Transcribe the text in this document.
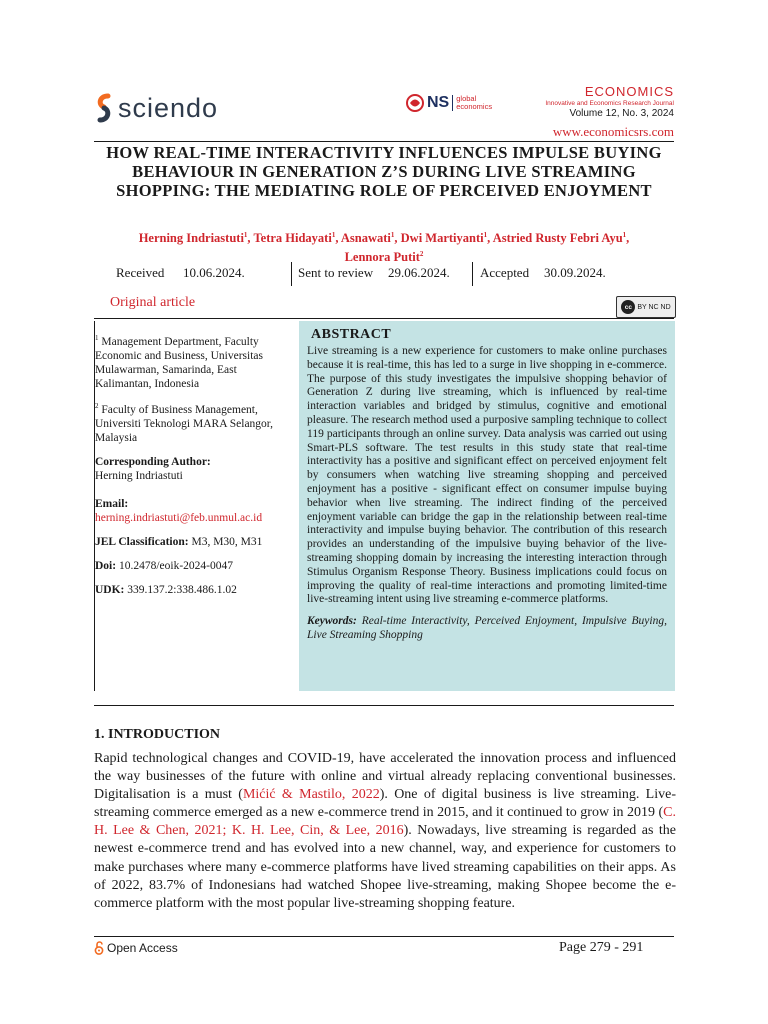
sciendo	NS global economics
ECONOMICS
Innovative and Economics Research Journal
Volume 12, No. 3, 2024
www.economicsrs.com
HOW REAL-TIME INTERACTIVITY INFLUENCES IMPULSE BUYING BEHAVIOUR IN GENERATION Z’S DURING LIVE STREAMING SHOPPING: THE MEDIATING ROLE OF PERCEIVED ENJOYMENT
Herning Indriastuti$^1$, Tetra Hidayati$^1$, Asnawati$^1$, Dwi Martiyanti$^1$, Astried Rusty Febri Ayu$^1$,
Lennora Putit$^2$
Received 10.06.2024.	Sent to review 29.06.2024. Accepted 30.09.2024.
Original article	cc BY NC ND
$^1$ Management Department, Faculty Economic and Business, Universitas Mulawarman, Samarinda, East Kalimantan, Indonesia
$^2$ Faculty of Business Management, Universiti Teknologi MARA Selangor, Malaysia
Corresponding Author:
Herning Indriastuti
Email:
herning.indriastuti@feb.unmul.ac.id
JEL Classification: M3, M30, M31
Doi: 10.2478/eoik-2024-0047
UDK: 339.137.2:338.486.1.02
ABSTRACT
Live streaming is a new experience for customers to make online purchases because it is real-time, this has led to a surge in live shopping in e-commerce. The purpose of this study investigates the impulsive shopping behavior of Generation Z during live streaming, which is influenced by real-time interaction variables and bridged by stimulus, cognitive and emotional pleasure. The research method used a purposive sampling technique to collect 119 participants through an online survey. Data analysis was carried out using Smart-PLS software. The test results in this study state that real-time interactivity has a positive and significant effect on perceived enjoyment felt by consumers when watching live streaming shopping and perceived enjoyment has a positive - significant effect on consumer impulse buying behavior when live streaming. The indirect finding of the perceived enjoyment variable can bridge the gap in the relationship between real-time interactivity and impulse buying behavior. The contribution of this research provides an understanding of the impulsive buying behavior of the live-streaming shopping domain by increasing the interesting interaction through Stimulus Organism Response Theory. Business implications could focus on improving the quality of real-time interactions and promoting limited-time live-streaming intent using live streaming e-commerce platforms.
Keywords: Real-time Interactivity, Perceived Enjoyment, Impulsive Buying, Live Streaming Shopping
1. INTRODUCTION
Rapid technological changes and COVID-19, have accelerated the innovation process and influenced the way businesses of the future with online and virtual already replacing conventional businesses. Digitalisation is a must (Mićić & Mastilo, 2022). One of digital business is live streaming. Live-streaming commerce emerged as a new e-commerce trend in 2015, and it continued to grow in 2019 (C. H. Lee & Chen, 2021; K. H. Lee, Cin, & Lee, 2016). Nowadays, live streaming is regarded as the newest e-commerce trend and has evolved into a new channel, way, and experience for customers to make purchases where many e-commerce platforms have lived streaming capabilities on their apps. As of 2022, 83.7% of Indonesians had watched Shopee live-streaming, making Shopee become the e-commerce platform with the most popular live-streaming shopping feature.
Open Access	Page 279 - 291
